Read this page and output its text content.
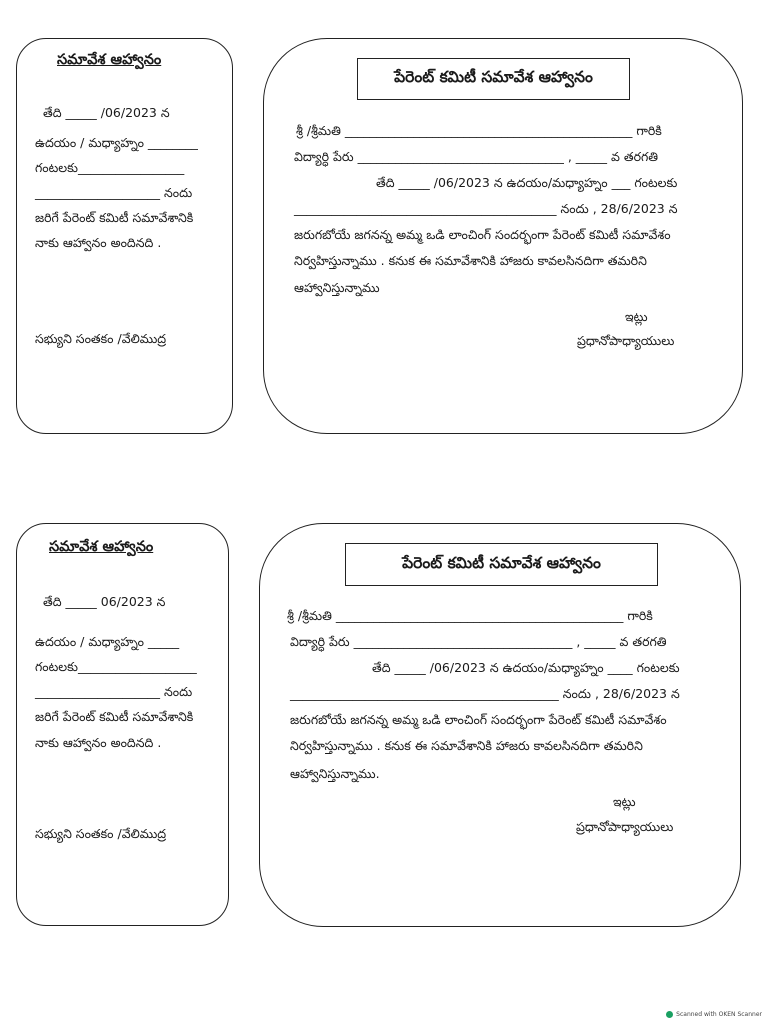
సమావేశ ఆహ్వానం
తేది _____ /06/2023 న
ఉదయం / మధ్యాహ్నం ________
గంటలకు_________________
____________________ నందు
జరిగే పేరెంట్ కమిటీ సమావేశానికి
నాకు ఆహ్వానం అందినది .
సభ్యుని సంతకం /వేలిముద్ర
పేరెంట్ కమిటీ సమావేశ ఆహ్వానం
శ్రీ /శ్రీమతి ______________________________________________ గారికి
విద్యార్ధి పేరు _________________________________ , _____ వ తరగతి
తేది _____ /06/2023 న ఉదయం/మధ్యాహ్నం ___ గంటలకు
__________________________________________ నందు , 28/6/2023 న
జరుగబోయే జగనన్న అమ్మ ఒడి లాంచింగ్ సందర్భంగా పేరెంట్ కమిటీ సమావేశం
నిర్వహిస్తున్నాము . కనుక ఈ సమావేశానికి హాజరు కావలసినదిగా తమరిని
ఆహ్వానిస్తున్నాము
ఇట్లు
ప్రధానోపాధ్యాయులు
సమావేశ ఆహ్వానం
తేది _____ 06/2023 న
ఉదయం / మధ్యాహ్నం _____
గంటలకు___________________
____________________ నందు
జరిగే పేరెంట్ కమిటీ సమావేశానికి
నాకు ఆహ్వానం అందినది .
సభ్యుని సంతకం /వేలిముద్ర
పేరెంట్ కమిటీ సమావేశ ఆహ్వానం
శ్రీ /శ్రీమతి ______________________________________________ గారికి
విద్యార్ధి పేరు ___________________________________ , _____ వ తరగతి
తేది _____ /06/2023 న ఉదయం/మధ్యాహ్నం ____ గంటలకు
___________________________________________ నందు , 28/6/2023 న
జరుగబోయే జగనన్న అమ్మ ఒడి లాంచింగ్ సందర్భంగా పేరెంట్ కమిటీ సమావేశం
నిర్వహిస్తున్నాము . కనుక ఈ సమావేశానికి హాజరు కావలసినదిగా తమరిని
ఆహ్వానిస్తున్నాము.
ఇట్లు
ప్రధానోపాధ్యాయులు
Scanned with OKEN Scanner
